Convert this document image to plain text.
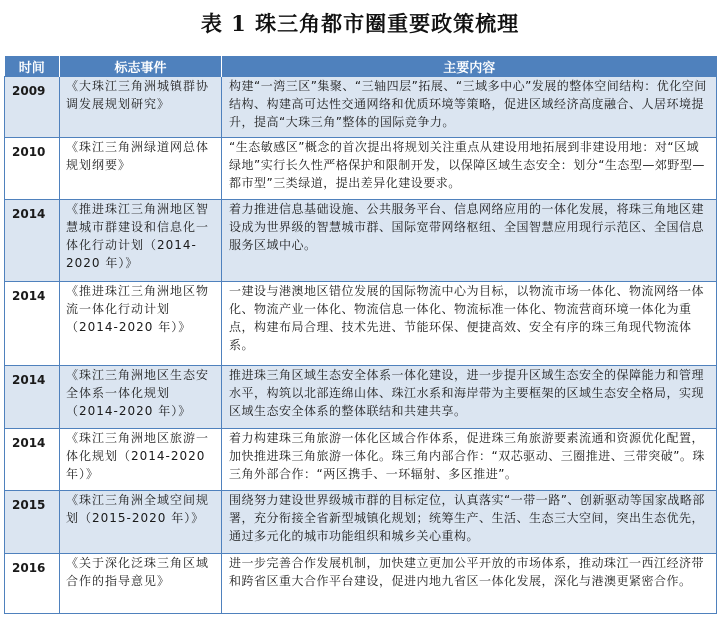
表 1 珠三角都市圈重要政策梳理
时间	标志事件	主要内容
2009	《大珠江三角洲城镇群协调发展规划研究》	构建“一湾三区”集聚、“三轴四层”拓展、“三域多中心”发展的整体空间结构：优化空间结构、构建高可达性交通网络和优质环境等策略，促进区域经济高度融合、人居环境提升，提高“大珠三角”整体的国际竞争力。
2010	《珠江三角洲绿道网总体规划纲要》	“生态敏感区”概念的首次提出将规划关注重点从建设用地拓展到非建设用地：对“区域绿地”实行长久性严格保护和限制开发，以保障区域生态安全：划分“生态型—郊野型—都市型”三类绿道，提出差异化建设要求。
2014	《推进珠江三角洲地区智慧城市群建设和信息化一体化行动计划（2014-2020 年）》	着力推进信息基础设施、公共服务平台、信息网络应用的一体化发展，将珠三角地区建设成为世界级的智慧城市群、国际宽带网络枢纽、全国智慧应用现行示范区、全国信息服务区域中心。
2014	《推进珠江三角洲地区物流一体化行动计划（2014-2020 年）》	一建设与港澳地区错位发展的国际物流中心为目标，以物流市场一体化、物流网络一体化、物流产业一体化、物流信息一体化、物流标准一体化、物流营商环境一体化为重点，构建布局合理、技术先进、节能环保、便捷高效、安全有序的珠三角现代物流体系。
2014	《珠江三角洲地区生态安全体系一体化规划（2014-2020 年）》	推进珠三角区域生态安全体系一体化建设，进一步提升区域生态安全的保障能力和管理水平，构筑以北部连绵山体、珠江水系和海岸带为主要框架的区域生态安全格局，实现区域生态安全体系的整体联结和共建共享。
2014	《珠江三角洲地区旅游一体化规划（2014-2020 年）》	着力构建珠三角旅游一体化区域合作体系，促进珠三角旅游要素流通和资源优化配置，加快推进珠三角旅游一体化。珠三角内部合作：“双芯驱动、三圈推进、三带突破”。珠三角外部合作：“两区携手、一环辐射、多区推进”。
2015	《珠江三角洲全域空间规划（2015-2020 年）》	围绕努力建设世界级城市群的目标定位，认真落实“一带一路”、创新驱动等国家战略部署，充分衔接全省新型城镇化规划；统筹生产、生活、生态三大空间，突出生态优先，通过多元化的城市功能组织和城乡关心重构。
2016	《关于深化泛珠三角区域合作的指导意见》	进一步完善合作发展机制，加快建立更加公平开放的市场体系，推动珠江一西江经济带和跨省区重大合作平台建设，促进内地九省区一体化发展，深化与港澳更紧密合作。
